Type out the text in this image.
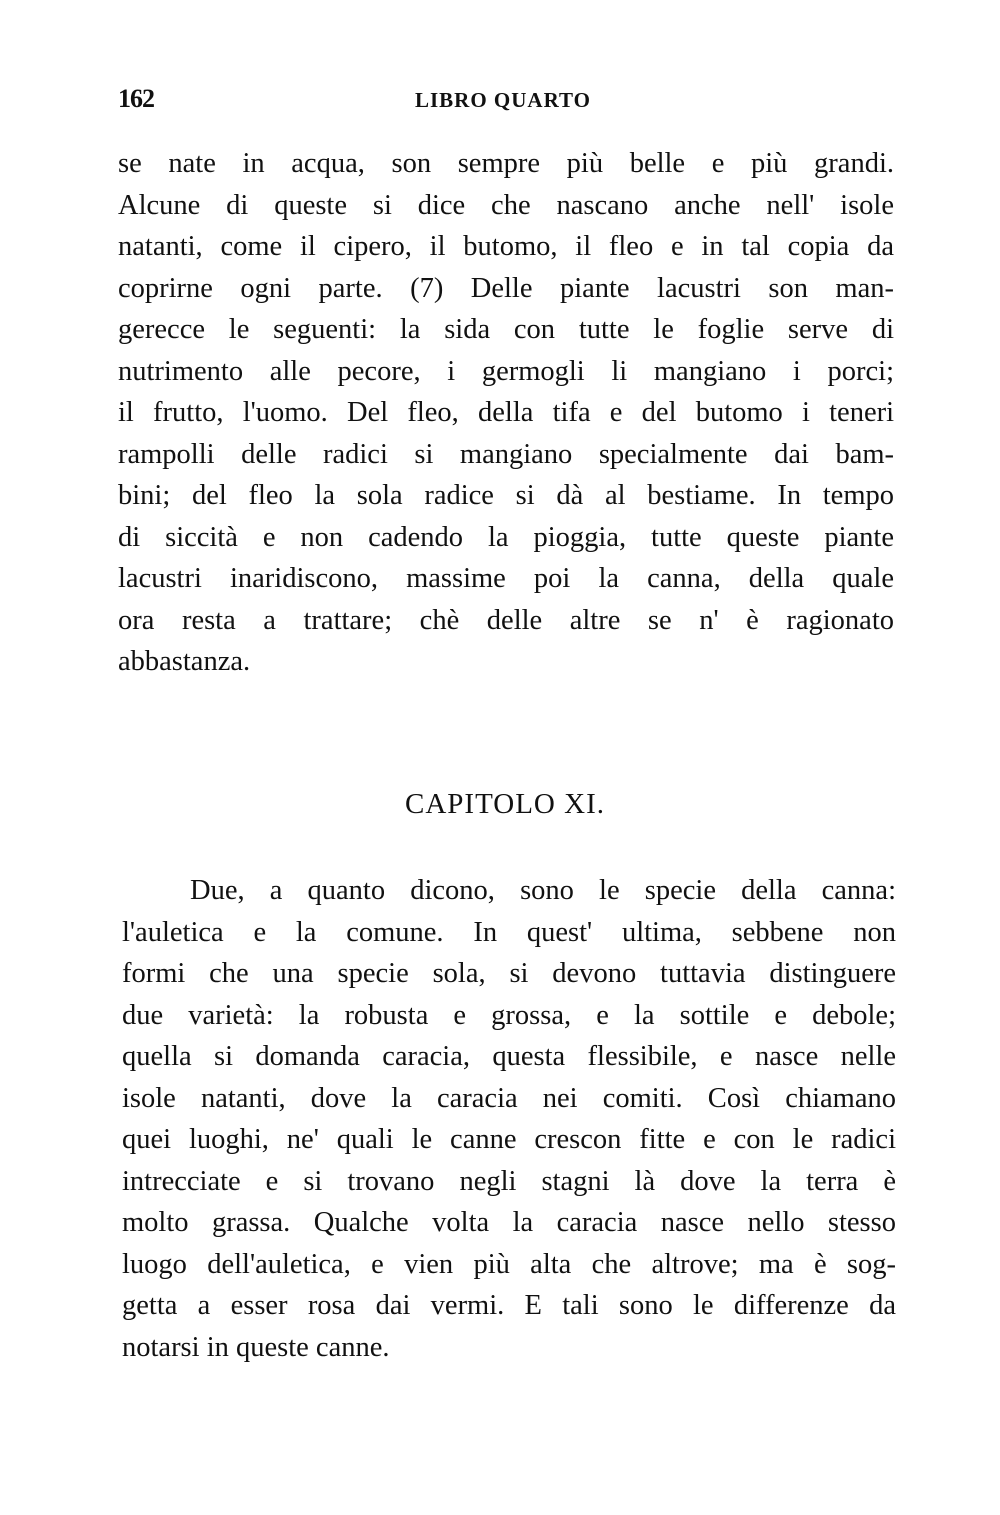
162	LIBRO QUARTO
se nate in acqua, son sempre più belle e più grandi.
Alcune di queste si dice che nascano anche nell' isole
natanti, come il cipero, il butomo, il fleo e in tal copia da
coprirne ogni parte. (7) Delle piante lacustri son man-
gerecce le seguenti: la sida con tutte le foglie serve di
nutrimento alle pecore, i germogli li mangiano i porci;
il frutto, l'uomo. Del fleo, della tifa e del butomo i teneri
rampolli delle radici si mangiano specialmente dai bam-
bini; del fleo la sola radice si dà al bestiame. In tempo
di siccità e non cadendo la pioggia, tutte queste piante
lacustri inaridiscono, massime poi la canna, della quale
ora resta a trattare; chè delle altre se n' è ragionato
abbastanza.
CAPITOLO XI.
Due, a quanto dicono, sono le specie della canna:
l'auletica e la comune. In quest' ultima, sebbene non
formi che una specie sola, si devono tuttavia distinguere
due varietà: la robusta e grossa, e la sottile e debole;
quella si domanda caracia, questa flessibile, e nasce nelle
isole natanti, dove la caracia nei comiti. Così chiamano
quei luoghi, ne' quali le canne crescon fitte e con le radici
intrecciate e si trovano negli stagni là dove la terra è
molto grassa. Qualche volta la caracia nasce nello stesso
luogo dell'auletica, e vien più alta che altrove; ma è sog-
getta a esser rosa dai vermi. E tali sono le differenze da
notarsi in queste canne.
